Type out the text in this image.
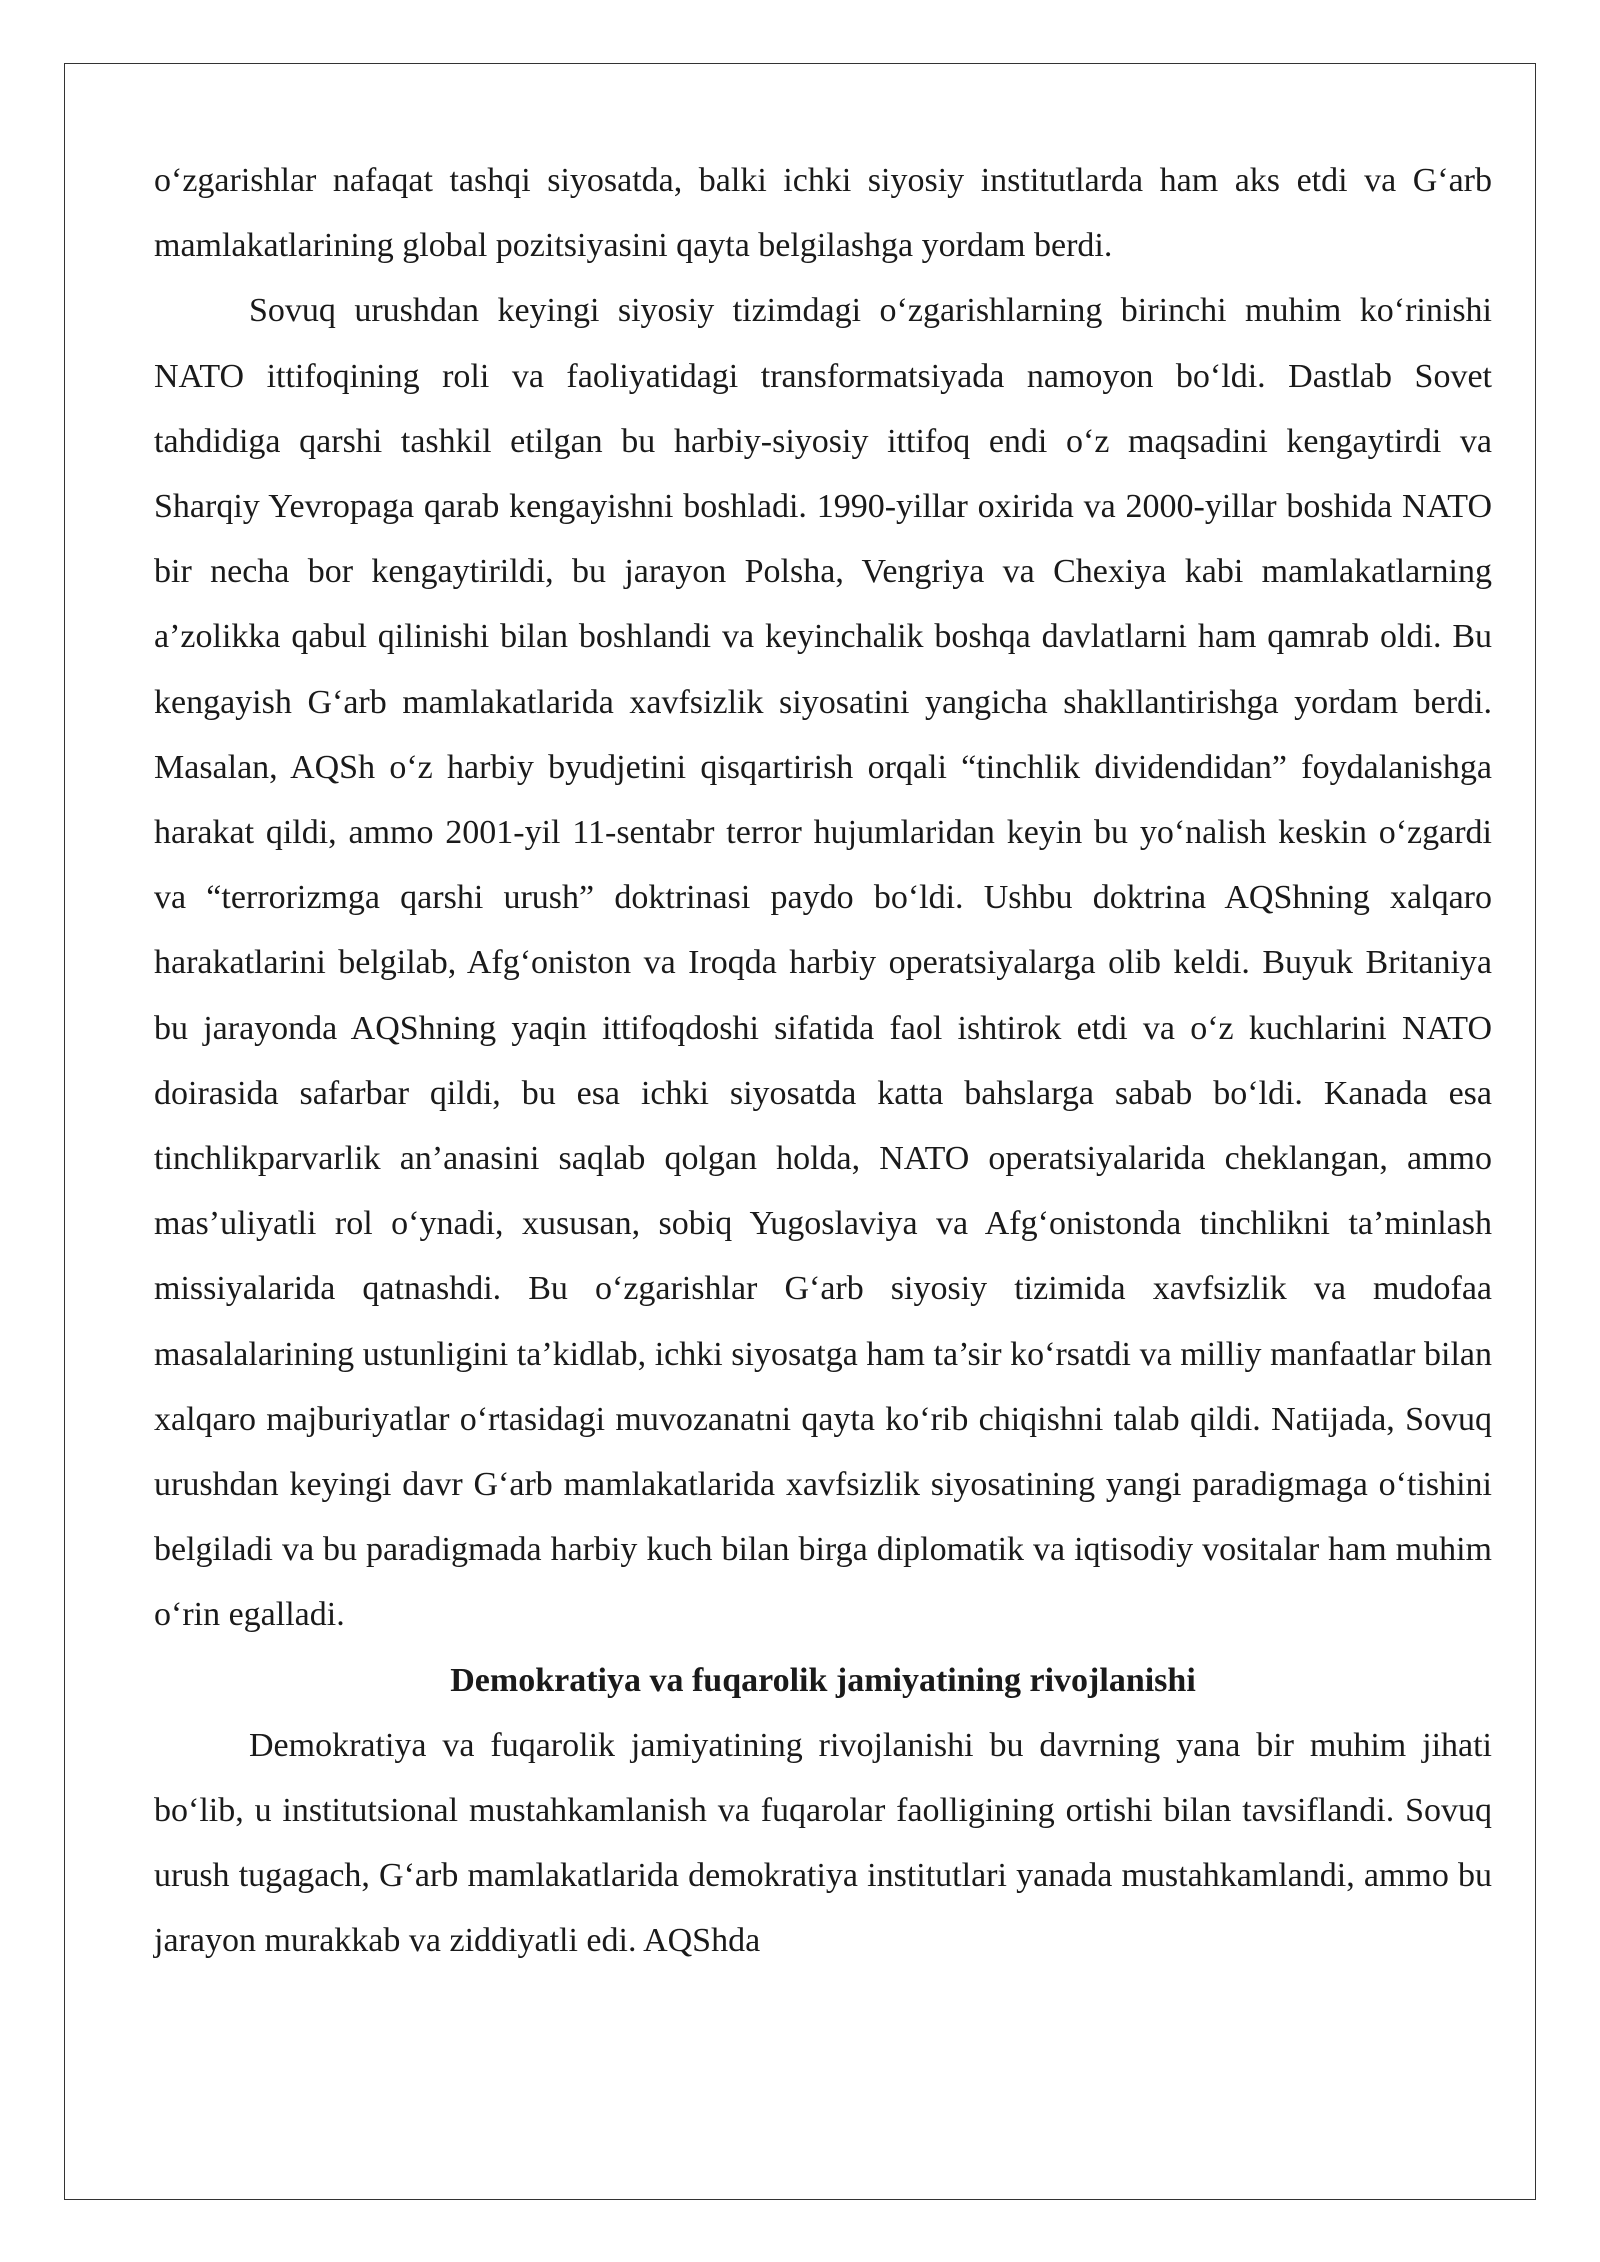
o‘zgarishlar nafaqat tashqi siyosatda, balki ichki siyosiy institutlarda ham aks etdi va G‘arb mamlakatlarining global pozitsiyasini qayta belgilashga yordam berdi.

Sovuq urushdan keyingi siyosiy tizimdagi o‘zgarishlarning birinchi muhim ko‘rinishi NATO ittifoqining roli va faoliyatidagi transformatsiyada namoyon bo‘ldi. Dastlab Sovet tahdidiga qarshi tashkil etilgan bu harbiy-siyosiy ittifoq endi o‘z maqsadini kengaytirdi va Sharqiy Yevropaga qarab kengayishni boshladi. 1990-yillar oxirida va 2000-yillar boshida NATO bir necha bor kengaytirildi, bu jarayon Polsha, Vengriya va Chexiya kabi mamlakatlarning a’zolikka qabul qilinishi bilan boshlandi va keyinchalik boshqa davlatlarni ham qamrab oldi. Bu kengayish G‘arb mamlakatlarida xavfsizlik siyosatini yangicha shakllantirishga yordam berdi. Masalan, AQSh o‘z harbiy byudjetini qisqartirish orqali “tinchlik dividendidan” foydalanishga harakat qildi, ammo 2001-yil 11-sentabr terror hujumlaridan keyin bu yo‘nalish keskin o‘zgardi va “terrorizmga qarshi urush” doktrinasi paydo bo‘ldi. Ushbu doktrina AQShning xalqaro harakatlarini belgilab, Afg‘oniston va Iroqda harbiy operatsiyalarga olib keldi. Buyuk Britaniya bu jarayonda AQShning yaqin ittifoqdoshi sifatida faol ishtirok etdi va o‘z kuchlarini NATO doirasida safarbar qildi, bu esa ichki siyosatda katta bahslarga sabab bo‘ldi. Kanada esa tinchlikparvarlik an’anasini saqlab qolgan holda, NATO operatsiyalarida cheklangan, ammo mas’uliyatli rol o‘ynadi, xususan, sobiq Yugoslaviya va Afg‘onistonda tinchlikni ta’minlash missiyalarida qatnashdi. Bu o‘zgarishlar G‘arb siyosiy tizimida xavfsizlik va mudofaa masalalarining ustunligini ta’kidlab, ichki siyosatga ham ta’sir ko‘rsatdi va milliy manfaatlar bilan xalqaro majburiyatlar o‘rtasidagi muvozanatni qayta ko‘rib chiqishni talab qildi. Natijada, Sovuq urushdan keyingi davr G‘arb mamlakatlarida xavfsizlik siyosatining yangi paradigmaga o‘tishini belgiladi va bu paradigmada harbiy kuch bilan birga diplomatik va iqtisodiy vositalar ham muhim o‘rin egalladi.

Demokratiya va fuqarolik jamiyatining rivojlanishi

Demokratiya va fuqarolik jamiyatining rivojlanishi bu davrning yana bir muhim jihati bo‘lib, u institutsional mustahkamlanish va fuqarolar faolligining ortishi bilan tavsiflandi. Sovuq urush tugagach, G‘arb mamlakatlarida demokratiya institutlari yanada mustahkamlandi, ammo bu jarayon murakkab va ziddiyatli edi. AQShda
